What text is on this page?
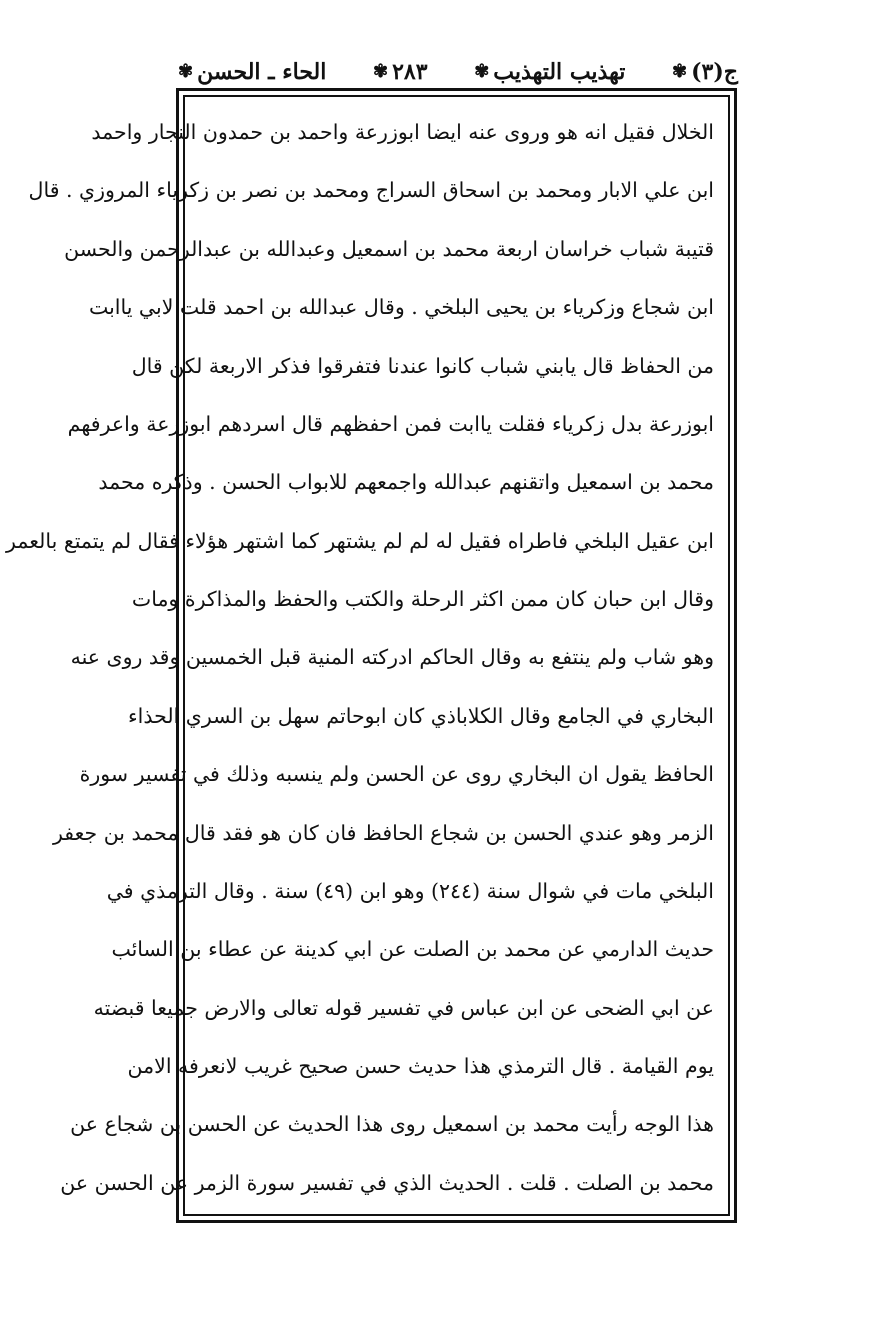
ج(٣)
✾
تهذيب التهذيب
✾
٢٨٣
✾
الحاء ـ الحسن
✾
الخلال فقيل انه هو وروى عنه ايضا ابوزرعة واحمد بن حمدون النجار واحمد
ابن علي الابار ومحمد بن اسحاق السراج ومحمد بن نصر بن زكرياء المروزي . قال
قتيبة شباب خراسان اربعة محمد بن اسمعيل وعبدالله بن عبدالرحمن والحسن
ابن شجاع وزكرياء بن يحيى البلخي . وقال عبدالله بن احمد قلت لابي ياابت
من الحفاظ قال يابني شباب كانوا عندنا فتفرقوا فذكر الاربعة لكن قال
ابوزرعة بدل زكرياء فقلت ياابت فمن احفظهم قال اسردهم ابوزرعة واعرفهم
محمد بن اسمعيل واتقنهم عبدالله واجمعهم للابواب الحسن . وذكره محمد
ابن عقيل البلخي فاطراه فقيل له لم لم يشتهر كما اشتهر هؤلاء فقال لم يتمتع بالعمر
وقال ابن حبان كان ممن اكثر الرحلة والكتب والحفظ والمذاكرة ومات
وهو شاب ولم ينتفع به وقال الحاكم ادركته المنية قبل الخمسين وقد روى عنه
البخاري في الجامع وقال الكلاباذي كان ابوحاتم سهل بن السري الحذاء
الحافظ يقول ان البخاري روى عن الحسن ولم ينسبه وذلك في تفسير سورة
الزمر وهو عندي الحسن بن شجاع الحافظ فان كان هو فقد قال محمد بن جعفر
البلخي مات في شوال سنة (٢٤٤) وهو ابن (٤٩) سنة . وقال الترمذي في
حديث الدارمي عن محمد بن الصلت عن ابي كدينة عن عطاء بن السائب
عن ابي الضحى عن ابن عباس في تفسير قوله تعالى والارض جميعا قبضته
يوم القيامة . قال الترمذي هذا حديث حسن صحيح غريب لانعرفه الامن
هذا الوجه رأيت محمد بن اسمعيل روى هذا الحديث عن الحسن بن شجاع عن
محمد بن الصلت . قلت . الحديث الذي في تفسير سورة الزمر عن الحسن عن
